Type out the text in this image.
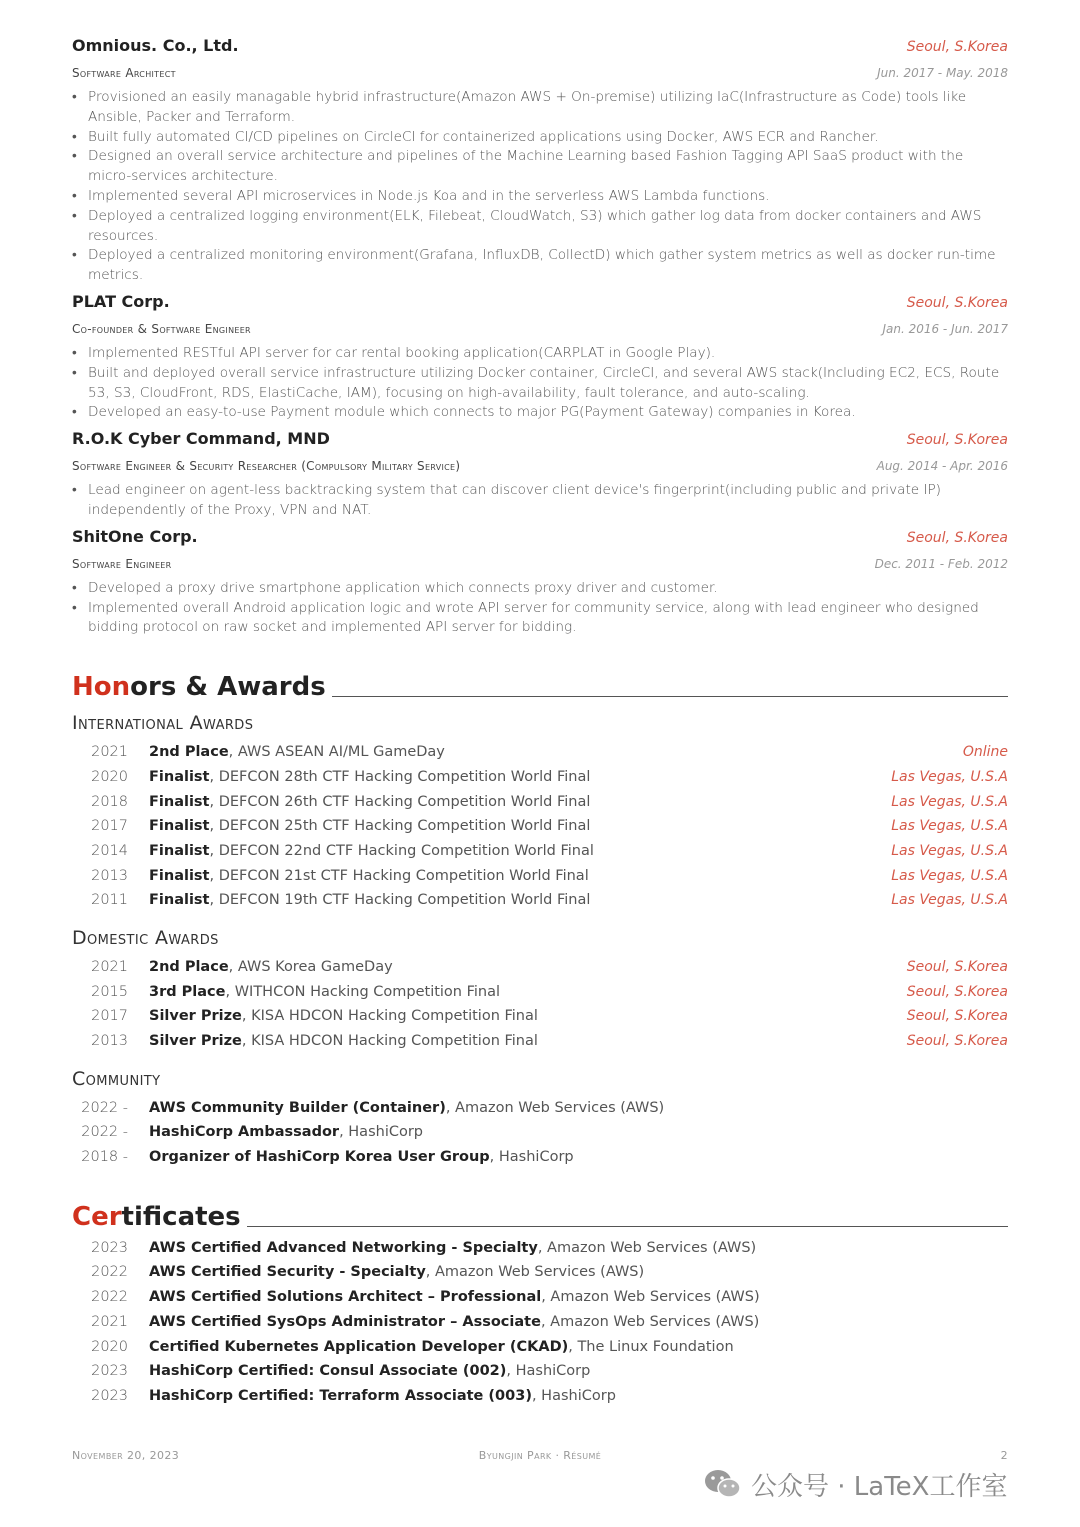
Omnious. Co., Ltd.	Seoul, S.Korea
Software Architect	Jun. 2017 - May. 2018
• Provisioned an easily managable hybrid infrastructure(Amazon AWS + On-premise) utilizing IaC(Infrastructure as Code) tools like Ansible, Packer and Terraform.
• Built fully automated CI/CD pipelines on CircleCI for containerized applications using Docker, AWS ECR and Rancher.
• Designed an overall service architecture and pipelines of the Machine Learning based Fashion Tagging API SaaS product with the micro-services architecture.
• Implemented several API microservices in Node.js Koa and in the serverless AWS Lambda functions.
• Deployed a centralized logging environment(ELK, Filebeat, CloudWatch, S3) which gather log data from docker containers and AWS resources.
• Deployed a centralized monitoring environment(Grafana, InfluxDB, CollectD) which gather system metrics as well as docker run-time metrics.
PLAT Corp.	Seoul, S.Korea
Co-founder & Software Engineer	Jan. 2016 - Jun. 2017
• Implemented RESTful API server for car rental booking application(CARPLAT in Google Play).
• Built and deployed overall service infrastructure utilizing Docker container, CircleCI, and several AWS stack(Including EC2, ECS, Route 53, S3, CloudFront, RDS, ElastiCache, IAM), focusing on high-availability, fault tolerance, and auto-scaling.
• Developed an easy-to-use Payment module which connects to major PG(Payment Gateway) companies in Korea.
R.O.K Cyber Command, MND	Seoul, S.Korea
Software Engineer & Security Researcher (Compulsory Military Service)	Aug. 2014 - Apr. 2016
• Lead engineer on agent-less backtracking system that can discover client device's fingerprint(including public and private IP) independently of the Proxy, VPN and NAT.
ShitOne Corp.	Seoul, S.Korea
Software Engineer	Dec. 2011 - Feb. 2012
• Developed a proxy drive smartphone application which connects proxy driver and customer.
• Implemented overall Android application logic and wrote API server for community service, along with lead engineer who designed bidding protocol on raw socket and implemented API server for bidding.
Honors & Awards
International Awards
2021 2nd Place, AWS ASEAN AI/ML GameDay	Online
2020 Finalist, DEFCON 28th CTF Hacking Competition World Final	Las Vegas, U.S.A
2018 Finalist, DEFCON 26th CTF Hacking Competition World Final	Las Vegas, U.S.A
2017 Finalist, DEFCON 25th CTF Hacking Competition World Final	Las Vegas, U.S.A
2014 Finalist, DEFCON 22nd CTF Hacking Competition World Final	Las Vegas, U.S.A
2013 Finalist, DEFCON 21st CTF Hacking Competition World Final	Las Vegas, U.S.A
2011 Finalist, DEFCON 19th CTF Hacking Competition World Final	Las Vegas, U.S.A
Domestic Awards
2021 2nd Place, AWS Korea GameDay	Seoul, S.Korea
2015 3rd Place, WITHCON Hacking Competition Final	Seoul, S.Korea
2017 Silver Prize, KISA HDCON Hacking Competition Final	Seoul, S.Korea
2013 Silver Prize, KISA HDCON Hacking Competition Final	Seoul, S.Korea
Community
2022 - AWS Community Builder (Container), Amazon Web Services (AWS)
2022 - HashiCorp Ambassador, HashiCorp
2018 - Organizer of HashiCorp Korea User Group, HashiCorp
Certificates
2023 AWS Certified Advanced Networking - Specialty, Amazon Web Services (AWS)
2022 AWS Certified Security - Specialty, Amazon Web Services (AWS)
2022 AWS Certified Solutions Architect – Professional, Amazon Web Services (AWS)
2021 AWS Certified SysOps Administrator – Associate, Amazon Web Services (AWS)
2020 Certified Kubernetes Application Developer (CKAD), The Linux Foundation
2023 HashiCorp Certified: Consul Associate (002), HashiCorp
2023 HashiCorp Certified: Terraform Associate (003), HashiCorp
November 20, 2023	Byungjin Park · Résumé	2
公众号 · LaTeX工作室
